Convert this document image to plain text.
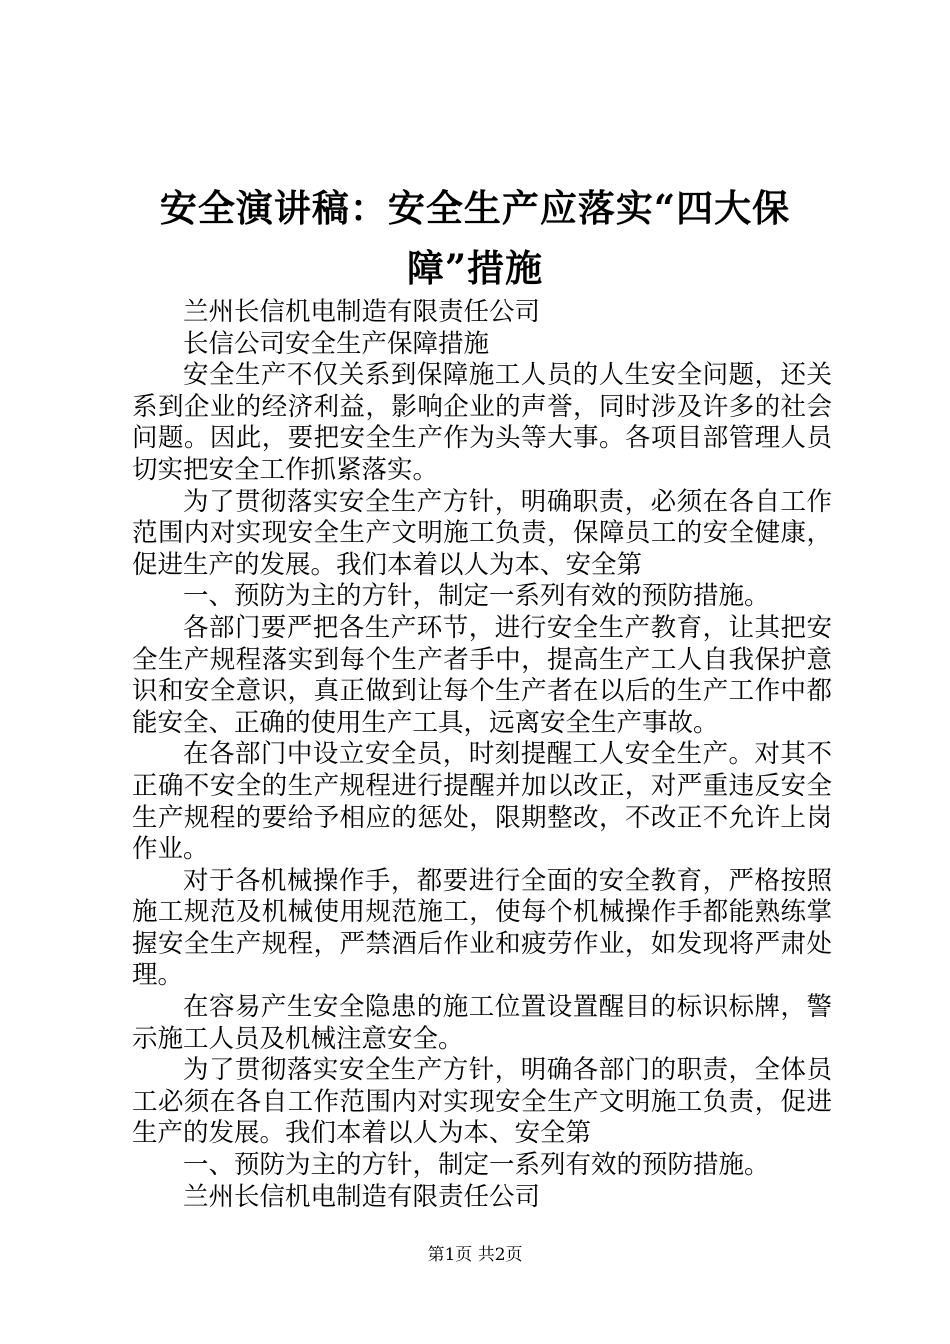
安全演讲稿：安全生产应落实“四大保障”措施

兰州长信机电制造有限责任公司

长信公司安全生产保障措施

安全生产不仅关系到保障施工人员的人生安全问题，还关系到企业的经济利益，影响企业的声誉，同时涉及许多的社会问题。因此，要把安全生产作为头等大事。各项目部管理人员切实把安全工作抓紧落实。

为了贯彻落实安全生产方针，明确职责，必须在各自工作范围内对实现安全生产文明施工负责，保障员工的安全健康，促进生产的发展。我们本着以人为本、安全第

一、预防为主的方针，制定一系列有效的预防措施。

各部门要严把各生产环节，进行安全生产教育，让其把安全生产规程落实到每个生产者手中，提高生产工人自我保护意识和安全意识，真正做到让每个生产者在以后的生产工作中都能安全、正确的使用生产工具，远离安全生产事故。

在各部门中设立安全员，时刻提醒工人安全生产。对其不正确不安全的生产规程进行提醒并加以改正，对严重违反安全生产规程的要给予相应的惩处，限期整改，不改正不允许上岗作业。

对于各机械操作手，都要进行全面的安全教育，严格按照施工规范及机械使用规范施工，使每个机械操作手都能熟练掌握安全生产规程，严禁酒后作业和疲劳作业，如发现将严肃处理。

在容易产生安全隐患的施工位置设置醒目的标识标牌，警示施工人员及机械注意安全。

为了贯彻落实安全生产方针，明确各部门的职责，全体员工必须在各自工作范围内对实现安全生产文明施工负责，促进生产的发展。我们本着以人为本、安全第

一、预防为主的方针，制定一系列有效的预防措施。

兰州长信机电制造有限责任公司

第1页 共2页
